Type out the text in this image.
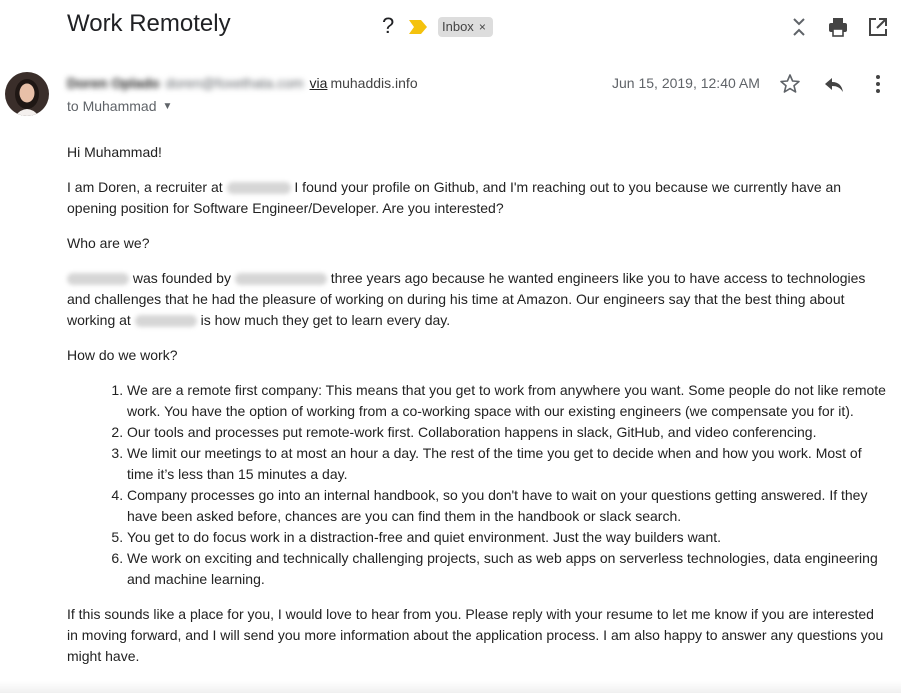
Work Remotely	?	Inbox ×
Doren Oplado doren@foxethata.com via muhaddis.info
to Muhammad ▼
Jun 15, 2019, 12:40 AM

Hi Muhammad!

I am Doren, a recruiter at	I found your profile on Github, and I'm reaching out to you because we currently have an opening position for Software Engineer/Developer. Are you interested?

Who are we?

was founded by	three years ago because he wanted engineers like you to have access to technologies and challenges that he had the pleasure of working on during his time at Amazon. Our engineers say that the best thing about working at	is how much they get to learn every day.

How do we work?

1. We are a remote first company: This means that you get to work from anywhere you want. Some people do not like remote work. You have the option of working from a co-working space with our existing engineers (we compensate you for it).
2. Our tools and processes put remote-work first. Collaboration happens in slack, GitHub, and video conferencing.
3. We limit our meetings to at most an hour a day. The rest of the time you get to decide when and how you work. Most of time it’s less than 15 minutes a day.
4. Company processes go into an internal handbook, so you don't have to wait on your questions getting answered. If they have been asked before, chances are you can find them in the handbook or slack search.
5. You get to do focus work in a distraction-free and quiet environment. Just the way builders want.
6. We work on exciting and technically challenging projects, such as web apps on serverless technologies, data engineering and machine learning.

If this sounds like a place for you, I would love to hear from you. Please reply with your resume to let me know if you are interested in moving forward, and I will send you more information about the application process. I am also happy to answer any questions you might have.
